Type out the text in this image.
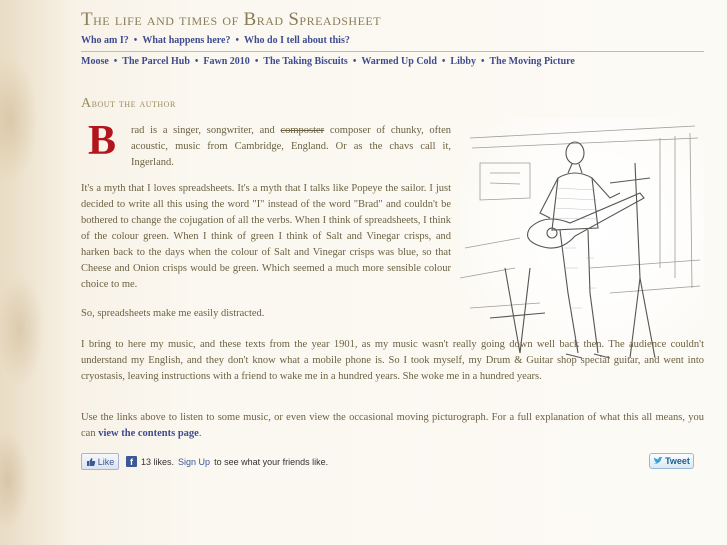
The life and times of Brad Spreadsheet
Who am I? • What happens here? • Who do I tell about this?
Moose • The Parcel Hub • Fawn 2010 • The Taking Biscuits • Warmed Up Cold • Libby • The Moving Picture
About the author
B rad is a singer, songwriter, and composter composer of chunky, often acoustic, music from Cambridge, England. Or as the chavs call it, Ingerland.

It's a myth that I loves spreadsheets. It's a myth that I talks like Popeye the sailor. I just decided to write all this using the word "I" instead of the word "Brad" and couldn't be bothered to change the cojugation of all the verbs. When I think of spreadsheets, I think of the colour green. When I think of green I think of Salt and Vinegar crisps, and harken back to the days when the colour of Salt and Vinegar crisps was blue, so that Cheese and Onion crisps would be green. Which seemed a much more sensible colour choice to me.

So, spreadsheets make me easily distracted.

I bring to here my music, and these texts from the year 1901, as my music wasn't really going down well back then. The audience couldn't understand my English, and they don't know what a mobile phone is. So I took myself, my Drum & Guitar shop special guitar, and went into cryostasis, leaving instructions with a friend to wake me in a hundred years. She woke me in a hundred years.

Use the links above to listen to some music, or even view the occasional moving picturograph. For a full explanation of what this all means, you can view the contents page.

Like	f 13 likes. Sign Up to see what your friends like.	Tweet
